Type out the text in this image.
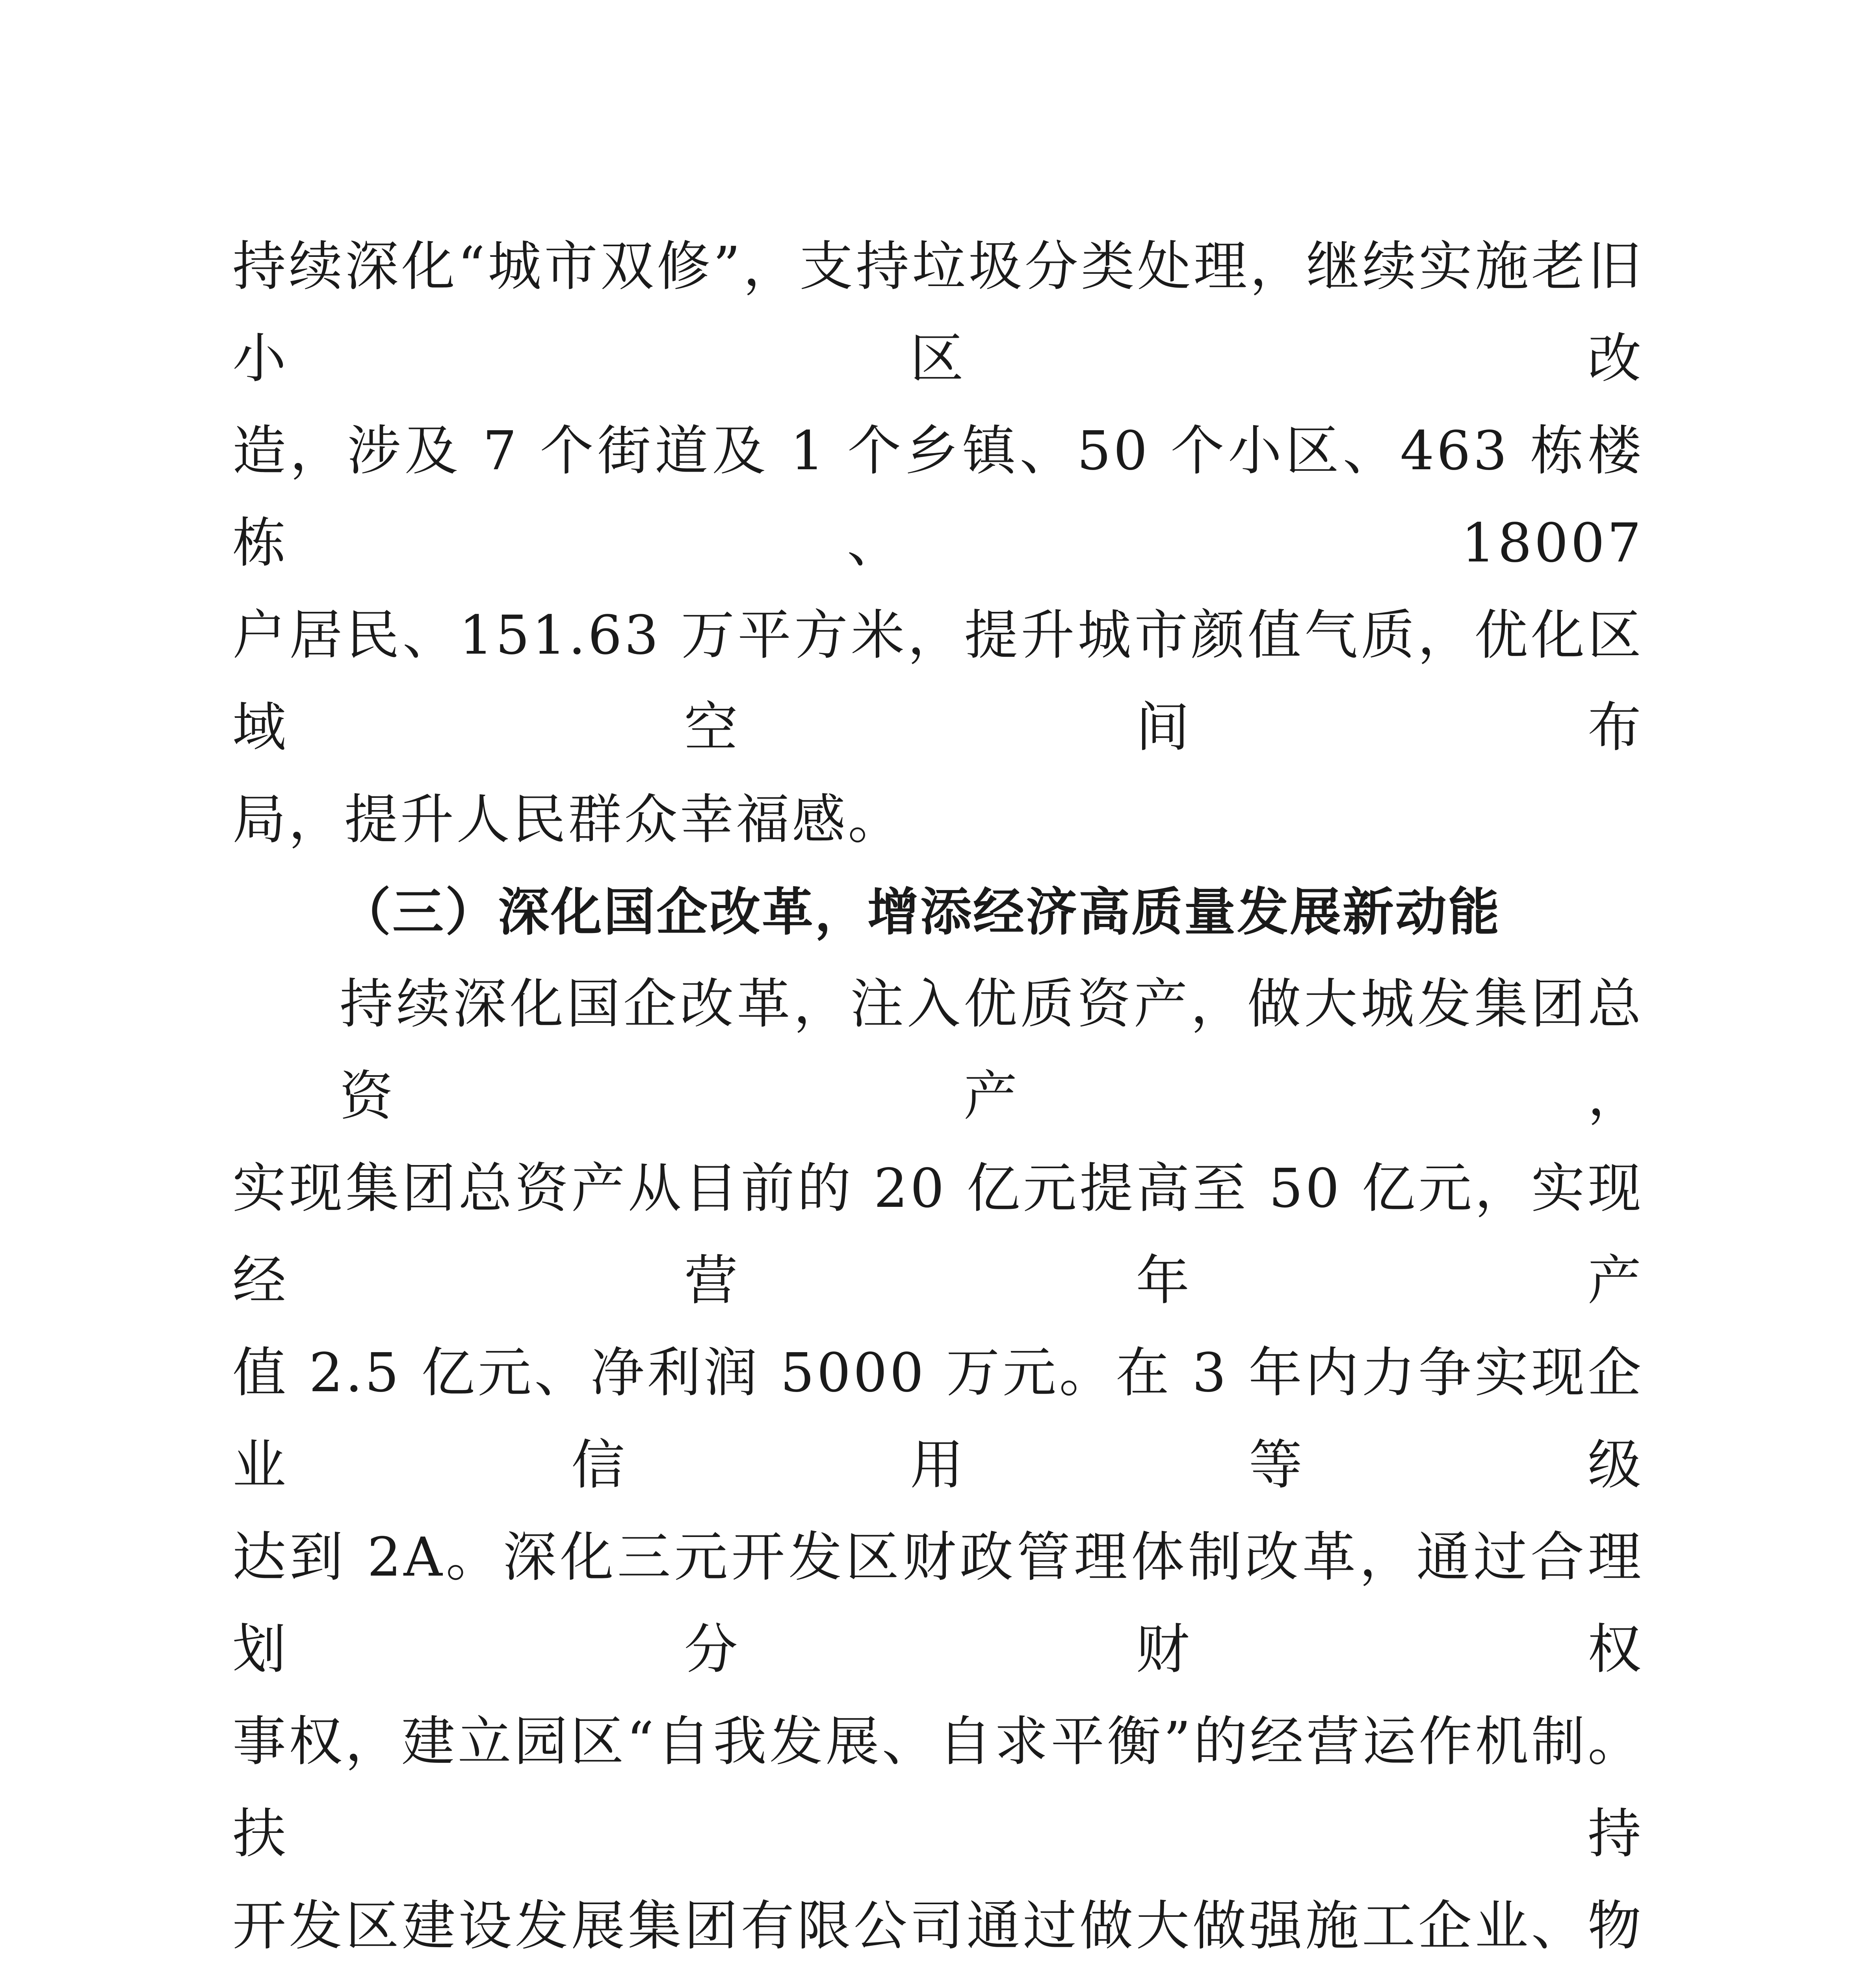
持续深化“城市双修”，支持垃圾分类处理，继续实施老旧小区改
造，涉及 7 个街道及 1 个乡镇、50 个小区、463 栋楼栋、18007
户居民、151.63 万平方米，提升城市颜值气质，优化区域空间布
局，提升人民群众幸福感。
（三）深化国企改革，增添经济高质量发展新动能
持续深化国企改革，注入优质资产，做大城发集团总资产，
实现集团总资产从目前的 20 亿元提高至 50 亿元，实现经营年产
值 2.5 亿元、净利润 5000 万元。在 3 年内力争实现企业信用等级
达到 2A。深化三元开发区财政管理体制改革，通过合理划分财权
事权，建立园区“自我发展、自求平衡”的经营运作机制。扶持
开发区建设发展集团有限公司通过做大做强施工企业、物
